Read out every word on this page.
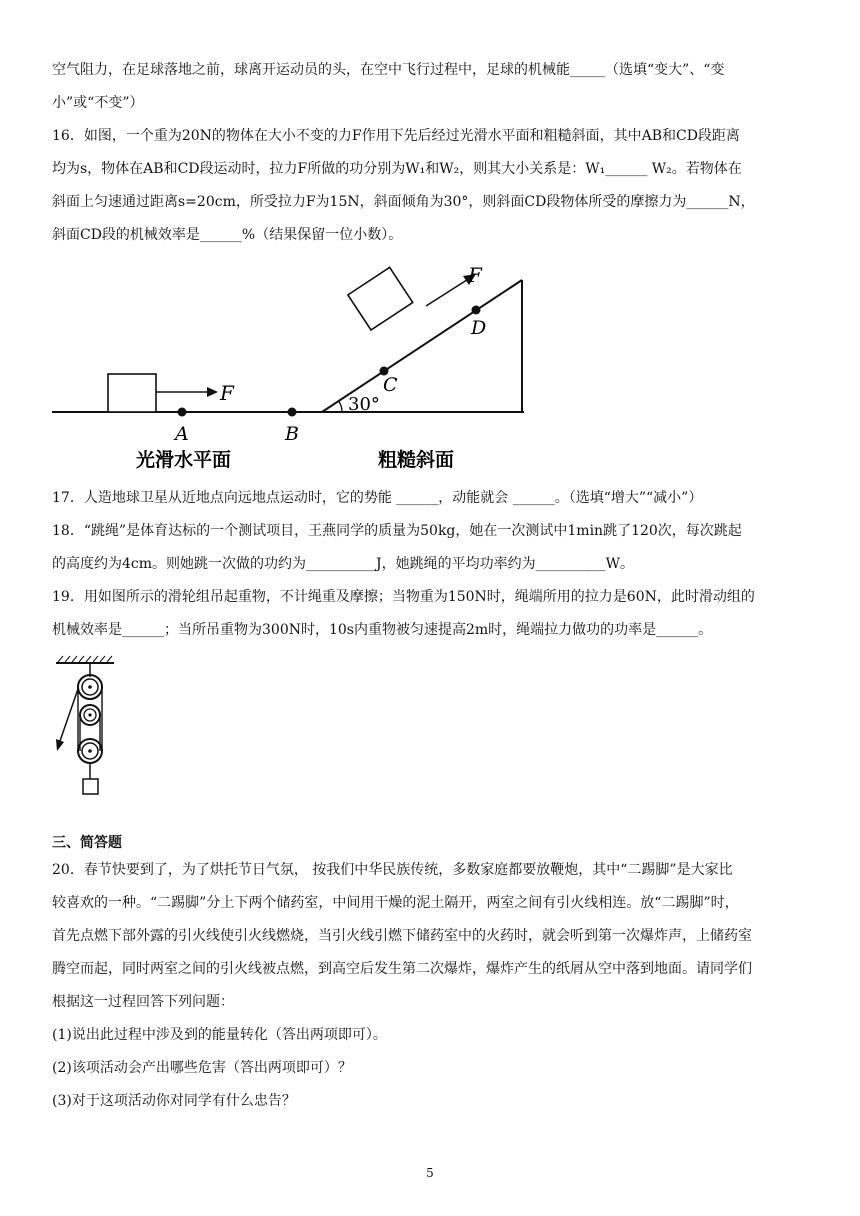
空气阻力，在足球落地之前，球离开运动员的头，在空中飞行过程中，足球的机械能_____（选填“变大”、“变
小”或“不变”）
16．如图，一个重为20N的物体在大小不变的力F作用下先后经过光滑水平面和粗糙斜面，其中AB和CD段距离
均为s，物体在AB和CD段运动时，拉力F所做的功分别为W₁和W₂，则其大小关系是：W₁______ W₂。若物体在
斜面上匀速通过距离s=20cm，所受拉力F为15N，斜面倾角为30°，则斜面CD段物体所受的摩擦力为______N，
斜面CD段的机械效率是______%（结果保留一位小数）。
F
A	B
30°
C
D
F
光滑水平面	粗糙斜面
17．人造地球卫星从近地点向远地点运动时，它的势能 ______，动能就会 ______。（选填“增大”“减小”）
18．“跳绳”是体育达标的一个测试项目，王燕同学的质量为50kg，她在一次测试中1min跳了120次，每次跳起
的高度约为4cm。则她跳一次做的功约为__________J，她跳绳的平均功率约为__________W。
19．用如图所示的滑轮组吊起重物，不计绳重及摩擦；当物重为150N时，绳端所用的拉力是60N，此时滑动组的
机械效率是______；当所吊重物为300N时，10s内重物被匀速提高2m时，绳端拉力做功的功率是______。
三、简答题
20．春节快要到了，为了烘托节日气氛， 按我们中华民族传统，多数家庭都要放鞭炮，其中“二踢脚”是大家比
较喜欢的一种。“二踢脚”分上下两个储药室，中间用干燥的泥土隔开，两室之间有引火线相连。放“二踢脚”时，
首先点燃下部外露的引火线使引火线燃烧，当引火线引燃下储药室中的火药时，就会听到第一次爆炸声，上储药室
腾空而起，同时两室之间的引火线被点燃，到高空后发生第二次爆炸，爆炸产生的纸屑从空中落到地面。请同学们
根据这一过程回答下列问题：
(1)说出此过程中涉及到的能量转化（答出两项即可）。
(2)该项活动会产出哪些危害（答出两项即可）？
(3)对于这项活动你对同学有什么忠告？
5
